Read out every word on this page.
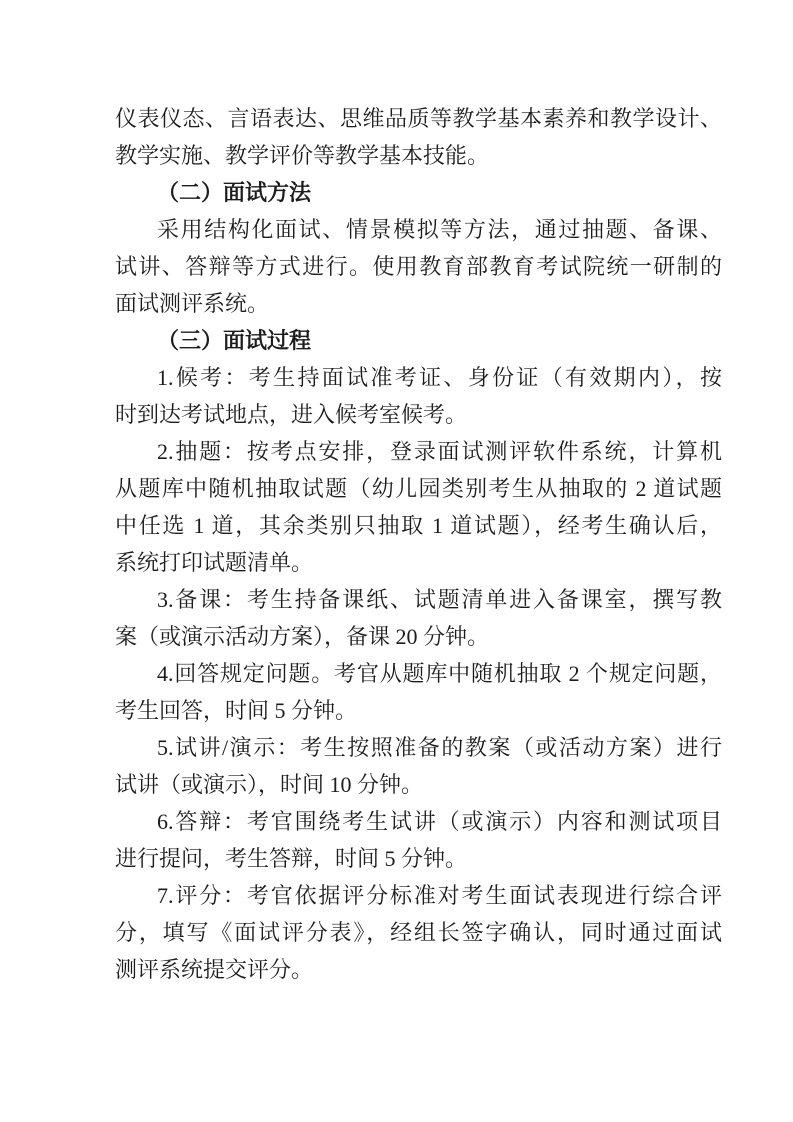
仪表仪态、言语表达、思维品质等教学基本素养和教学设计、
教学实施、教学评价等教学基本技能。
（二）面试方法
采用结构化面试、情景模拟等方法，通过抽题、备课、
试讲、答辩等方式进行。使用教育部教育考试院统一研制的
面试测评系统。
（三）面试过程
1.候考：考生持面试准考证、身份证（有效期内），按
时到达考试地点，进入候考室候考。
2.抽题：按考点安排，登录面试测评软件系统，计算机
从题库中随机抽取试题（幼儿园类别考生从抽取的 2 道试题
中任选 1 道，其余类别只抽取 1 道试题），经考生确认后，
系统打印试题清单。
3.备课：考生持备课纸、试题清单进入备课室，撰写教
案（或演示活动方案），备课 20 分钟。
4.回答规定问题。考官从题库中随机抽取 2 个规定问题，
考生回答，时间 5 分钟。
5.试讲/演示：考生按照准备的教案（或活动方案）进行
试讲（或演示），时间 10 分钟。
6.答辩：考官围绕考生试讲（或演示）内容和测试项目
进行提问，考生答辩，时间 5 分钟。
7.评分：考官依据评分标准对考生面试表现进行综合评
分，填写《面试评分表》，经组长签字确认，同时通过面试
测评系统提交评分。
